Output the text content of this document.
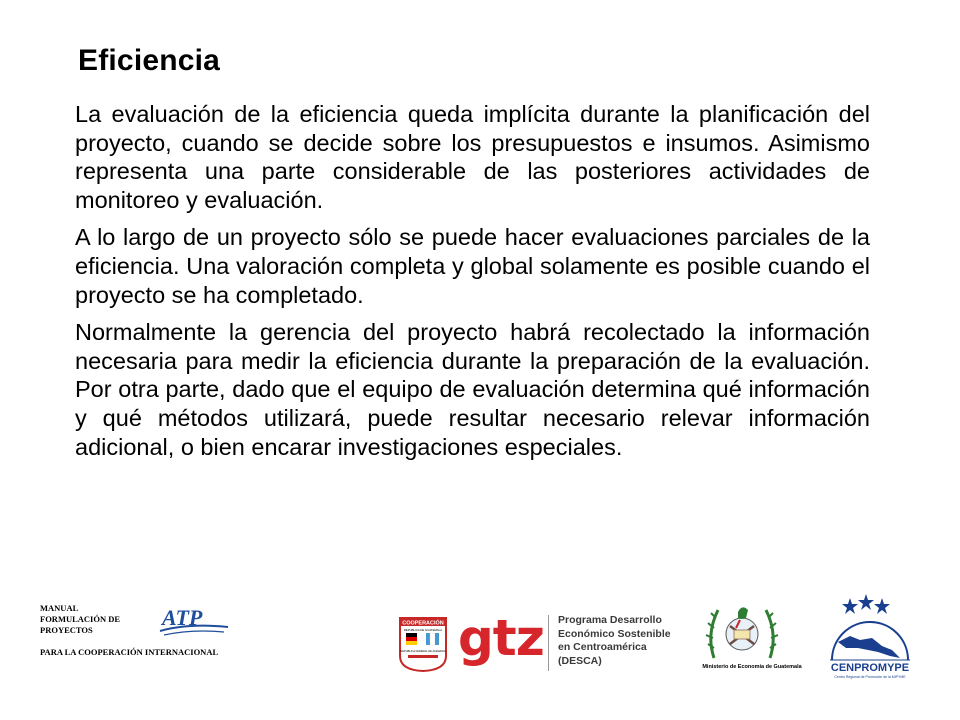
Eficiencia

La evaluación de la eficiencia queda implícita durante la planificación del proyecto, cuando se decide sobre los presupuestos e insumos. Asimismo representa una parte considerable de las posteriores actividades de monitoreo y evaluación.

A lo largo de un proyecto sólo se puede hacer evaluaciones parciales de la eficiencia. Una valoración completa y global solamente es posible cuando el proyecto se ha completado.

Normalmente la gerencia del proyecto habrá recolectado la información necesaria para medir la eficiencia durante la preparación de la evaluación. Por otra parte, dado que el equipo de evaluación determina qué información y qué métodos utilizará, puede resultar necesario relevar información adicional, o bien encarar investigaciones especiales.

MANUAL
FORMULACIÓN DE
PROYECTOS
PARA LA COOPERACIÓN INTERNACIONAL
ATP	COOPERACIÓN
REPUBLICA DE GUATEMALA
REPUBLICA FEDERAL DE ALEMANIA gtz Programa Desarrollo
Económico Sostenible
en Centroamérica
(DESCA)
Ministerio de Economía de Guatemala	CENPROMYPE
Centro Regional de Promoción de la MIPYME
